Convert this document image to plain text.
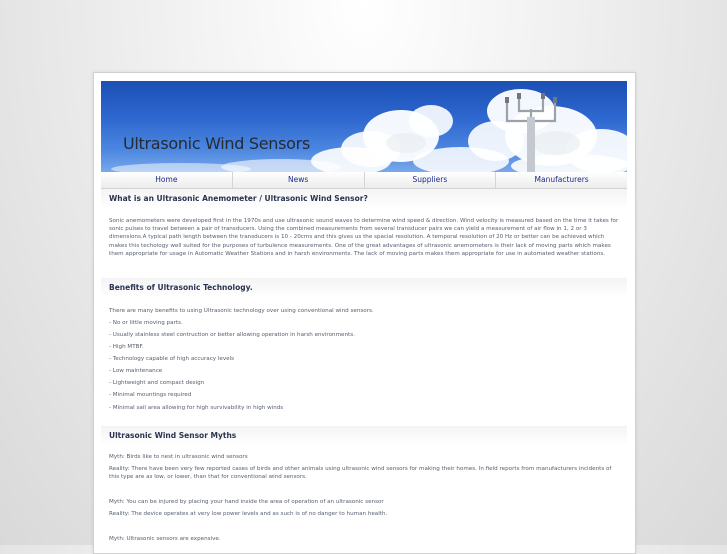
Ultrasonic Wind Sensors
Home	News	Suppliers	Manufacturers
What is an Ultrasonic Anemometer / Ultrasonic Wind Sensor?
Sonic anemometers were developed first in the 1970s and use ultrasonic sound waves to determine wind speed & direction. Wind velocity is measured based on the time it takes for sonic pulses to travel between a pair of transducers. Using the combined measurements from several transducer pairs we can yield a measurement of air flow in 1, 2 or 3 dimensions.A typical path length between the transducers is 10 - 20cms and this gives us the spacial resolution. A temporal resolution of 20 Hz or better can be achieved which makes this techology well suited for the purposes of turbulence measurements. One of the great advantages of ultrasonic anemometers is their lack of moving parts which makes them appropriate for usage in Automatic Weather Stations and in harsh environments. The lack of moving parts makes them appropriate for use in automated weather stations.
Benefits of Ultrasonic Technology.
There are many benefits to using Ultrasonic technology over using conventional wind sensors.
- No or little moving parts.
- Usually stainless steel contruction or better allowing operation in harsh environments.
- High MTBF.
- Technology capable of high accuracy levels
- Low maintenance
- Lightweight and compact design
- Minimal mountings required
- Minimal sail area allowing for high survivability in high winds
Ultrasonic Wind Sensor Myths
Myth: Birds like to nest in ultrasonic wind sensors
Reality: There have been very few reported cases of birds and other animals using ultrasonic wind sensors for making their homes. In field reports from manufacturers incidents of this type are as low, or lower, than that for conventional wind sensors.
Myth: You can be injured by placing your hand inside the area of operation of an ultrasonic sensor
Reality: The device operates at very low power levels and as such is of no danger to human health.
Myth: Ultrasonic sensors are expensive.
